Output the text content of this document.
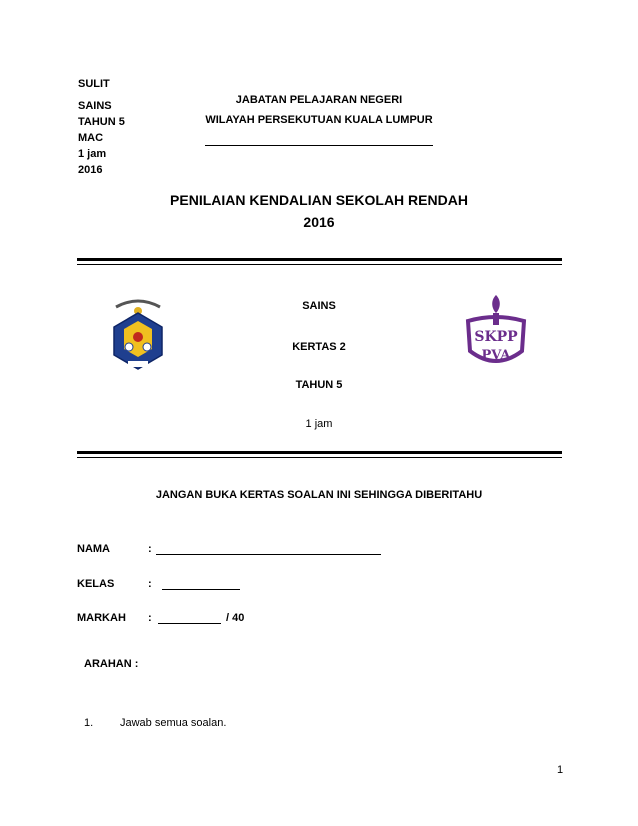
SULIT
SAINS
TAHUN 5
MAC
1 jam
2016
JABATAN PELAJARAN NEGERI
WILAYAH PERSEKUTUAN KUALA LUMPUR
PENILAIAN KENDALIAN SEKOLAH RENDAH
2016
SKPP
PVA
SAINS
KERTAS 2
TAHUN 5
1 jam
JANGAN BUKA KERTAS SOALAN INI SEHINGGA DIBERITAHU
NAMA	:
KELAS	:
MARKAH :	/ 40
ARAHAN :
1. Jawab semua soalan.
1
